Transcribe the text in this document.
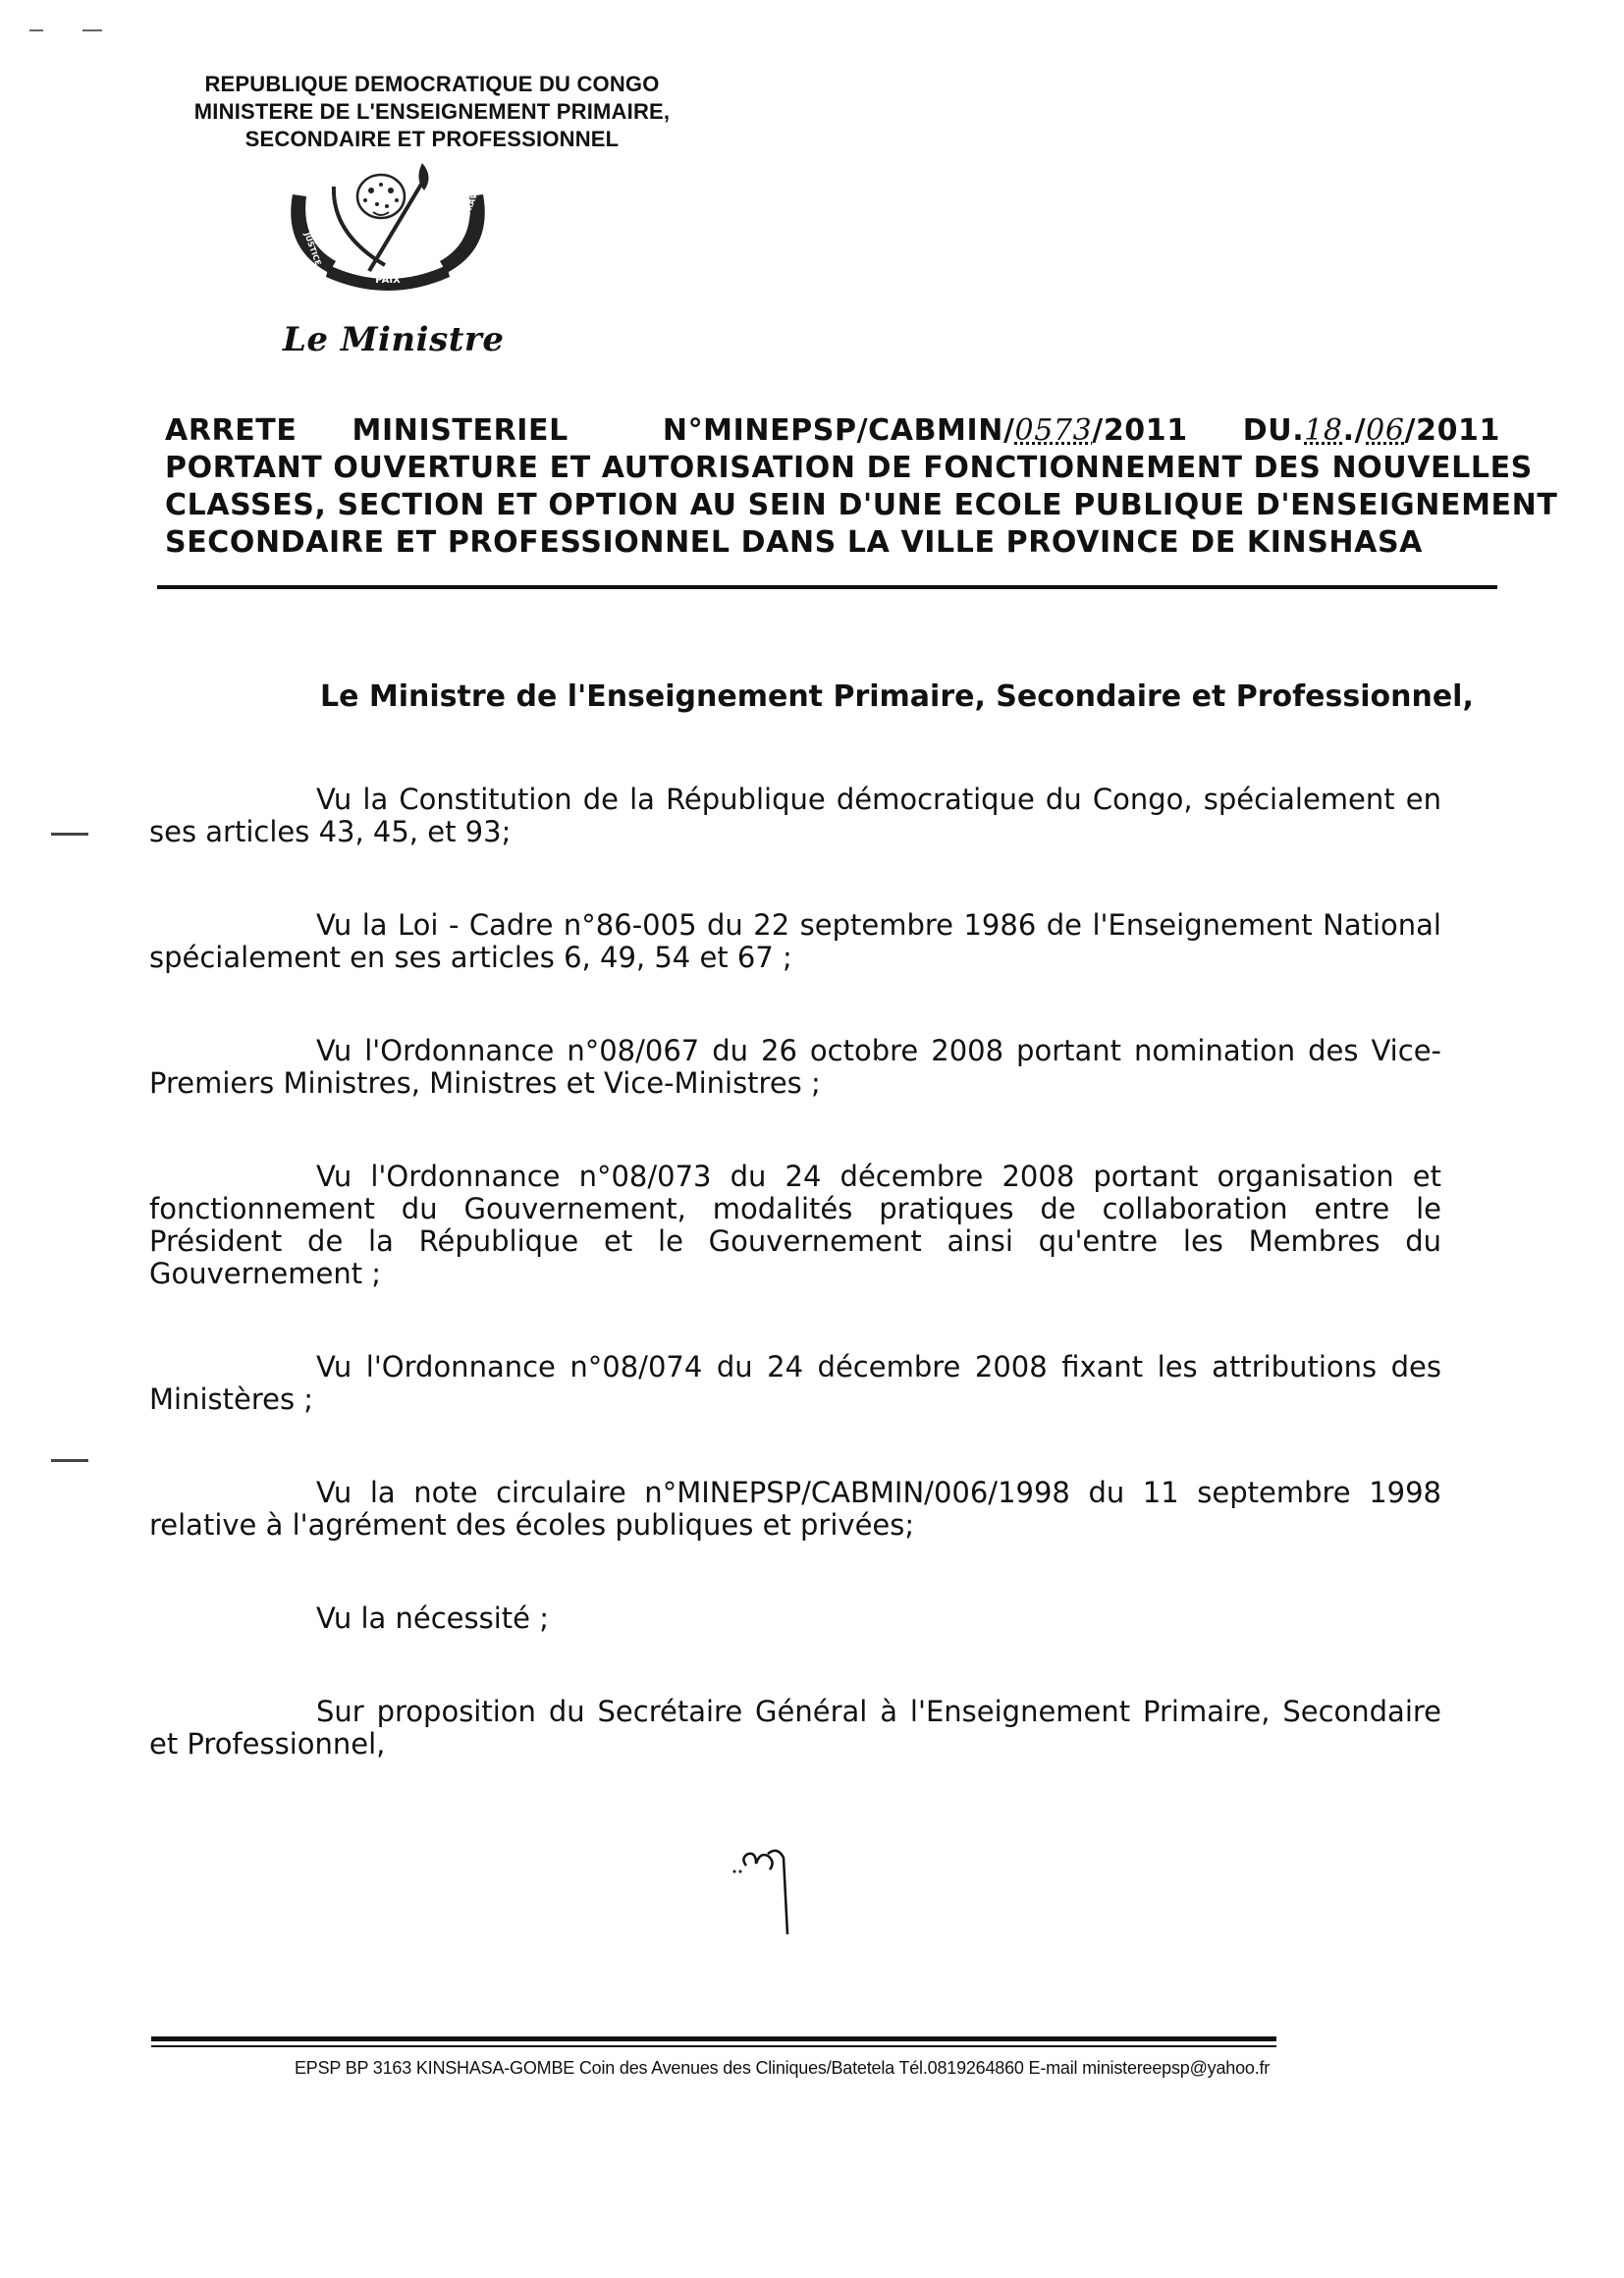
REPUBLIQUE DEMOCRATIQUE DU CONGO
MINISTERE DE L'ENSEIGNEMENT PRIMAIRE,
SECONDAIRE ET PROFESSIONNEL
PAIX
JUSTICE
TRAVAIL
Le Ministre
ARRETE MINISTERIEL	N°MINEPSP/CABMIN/0573/2011 DU.18./06/2011
PORTANT OUVERTURE ET AUTORISATION DE FONCTIONNEMENT DES NOUVELLES
CLASSES, SECTION ET OPTION AU SEIN D'UNE ECOLE PUBLIQUE D'ENSEIGNEMENT
SECONDAIRE ET PROFESSIONNEL DANS LA VILLE PROVINCE DE KINSHASA
Le Ministre de l'Enseignement Primaire, Secondaire et Professionnel,

Vu la Constitution de la République démocratique du Congo, spécialement en ses articles 43, 45, et 93;

Vu la Loi - Cadre n°86-005 du 22 septembre 1986 de l'Enseignement National spécialement en ses articles 6, 49, 54 et 67 ;

Vu l'Ordonnance n°08/067 du 26 octobre 2008 portant nomination des Vice-Premiers Ministres, Ministres et Vice-Ministres ;

Vu l'Ordonnance n°08/073 du 24 décembre 2008 portant organisation et fonctionnement du Gouvernement, modalités pratiques de collaboration entre le Président de la République et le Gouvernement ainsi qu'entre les Membres du Gouvernement ;

Vu l'Ordonnance n°08/074 du 24 décembre 2008 fixant les attributions des Ministères ;

Vu la note circulaire n°MINEPSP/CABMIN/006/1998 du 11 septembre 1998 relative à l'agrément des écoles publiques et privées;

Vu la nécessité ;

Sur proposition du Secrétaire Général à l'Enseignement Primaire, Secondaire et Professionnel,

EPSP BP 3163 KINSHASA-GOMBE Coin des Avenues des Cliniques/Batetela Tél.0819264860 E-mail ministereepsp@yahoo.fr
